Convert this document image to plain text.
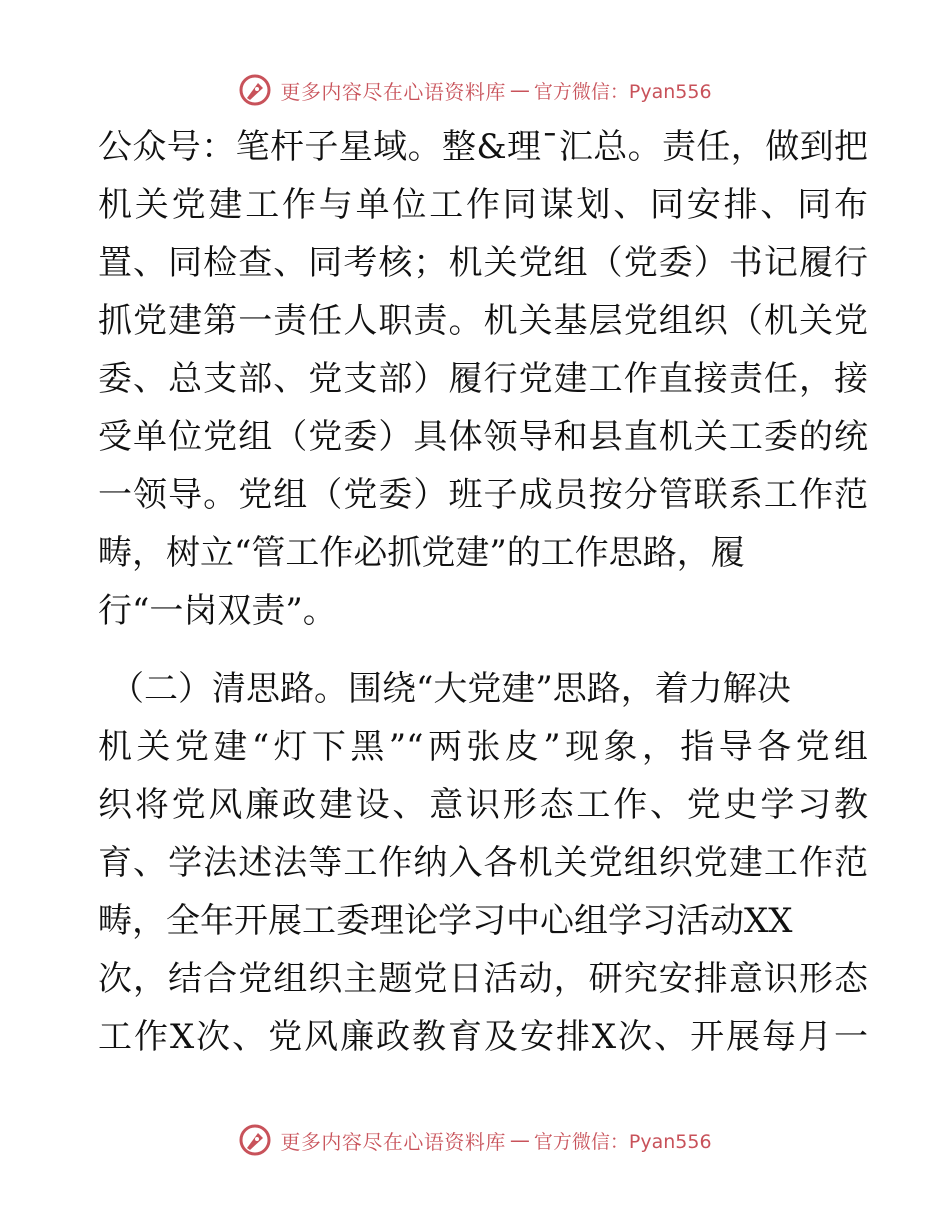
更多内容尽在心语资料库 — 官方微信：Pyan556
公众号：笔杆子星域。整&理¯汇总。责任，做到把
机关党建工作与单位工作同谋划、同安排、同布
置、同检查、同考核；机关党组（党委）书记履行
抓党建第一责任人职责。机关基层党组织（机关党
委、总支部、党支部）履行党建工作直接责任，接
受单位党组（党委）具体领导和县直机关工委的统
一领导。党组（党委）班子成员按分管联系工作范
畴，树立“管工作必抓党建”的工作思路，履
行“一岗双责”。
（二）清思路。围绕“大党建”思路，着力解决
机关党建“灯下黑”“两张皮”现象，指导各党组
织将党风廉政建设、意识形态工作、党史学习教
育、学法述法等工作纳入各机关党组织党建工作范
畴，全年开展工委理论学习中心组学习活动XX
次，结合党组织主题党日活动，研究安排意识形态
工作X次、党风廉政教育及安排X次、开展每月一
更多内容尽在心语资料库 — 官方微信：Pyan556
